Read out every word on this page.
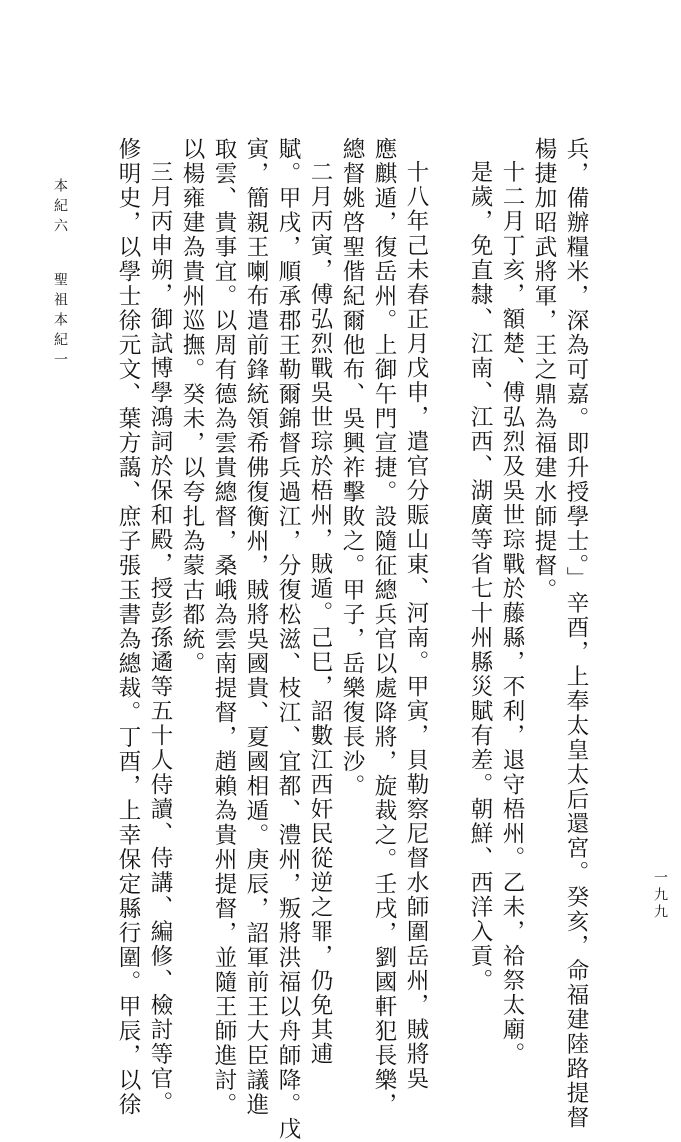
兵，備辦糧米，深為可嘉。即升授學士。」辛酉，上奉太皇太后還宮。癸亥，命福建陸路提督
楊捷加昭武將軍，王之鼎為福建水師提督。
十二月丁亥，額楚、傅弘烈及吳世琮戰於藤縣，不利，退守梧州。乙未，祫祭太廟。
是歲，免直隸、江南、江西、湖廣等省七十州縣災賦有差。朝鮮、西洋入貢。
十八年己未春正月戊申，遣官分賑山東、河南。甲寅，貝勒察尼督水師圍岳州，賊將吳
應麒遁，復岳州。上御午門宣捷。設隨征總兵官以處降將，旋裁之。壬戌，劉國軒犯長樂，
總督姚啓聖偕紀爾他布、吳興祚擊敗之。甲子，岳樂復長沙。
二月丙寅，傅弘烈戰吳世琮於梧州，賊遁。己巳，詔數江西奸民從逆之罪，仍免其逋
賦。甲戌，順承郡王勒爾錦督兵過江，分復松滋、枝江、宜都、澧州，叛將洪福以舟師降。戊
寅，簡親王喇布遣前鋒統領希佛復衡州，賊將吳國貴、夏國相遁。庚辰，詔軍前王大臣議進
取雲、貴事宜。以周有德為雲貴總督，桑峨為雲南提督，趙賴為貴州提督，並隨王師進討。
以楊雍建為貴州巡撫。癸未，以夸扎為蒙古都統。
三月丙申朔，御試博學鴻詞於保和殿，授彭孫遹等五十人侍讀、侍講、編修、檢討等官。
修明史，以學士徐元文、葉方藹、庶子張玉書為總裁。丁酉，上幸保定縣行圍。甲辰，以徐
本紀六
聖祖本紀一
一九九
